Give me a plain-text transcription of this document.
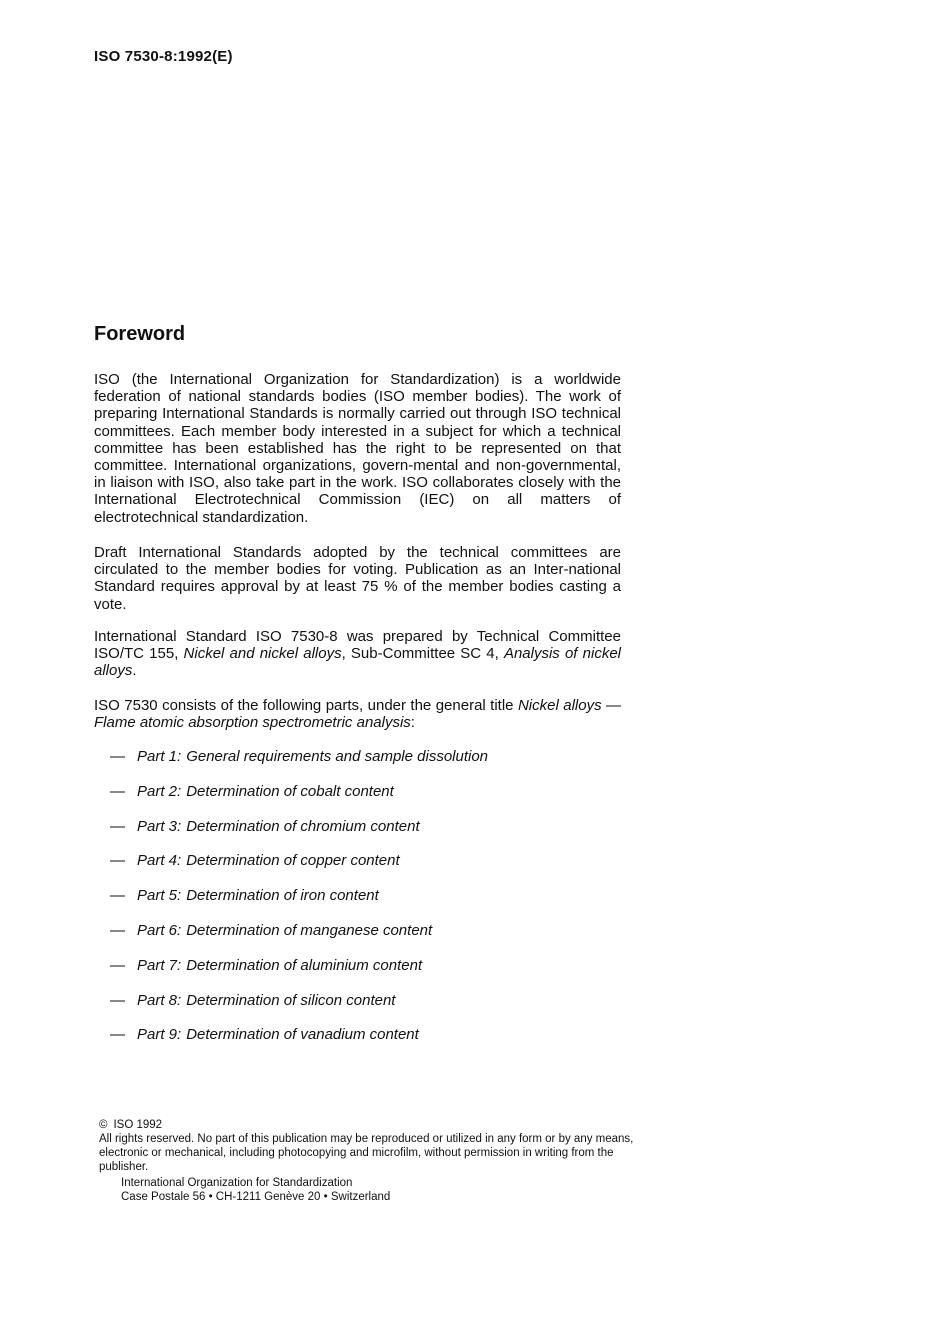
ISO 7530-8:1992(E)
Foreword

ISO (the International Organization for Standardization) is a worldwide federation of national standards bodies (ISO member bodies). The work of preparing International Standards is normally carried out through ISO technical committees. Each member body interested in a subject for which a technical committee has been established has the right to be represented on that committee. International organizations, govern-mental and non-governmental, in liaison with ISO, also take part in the work. ISO collaborates closely with the International Electrotechnical Commission (IEC) on all matters of electrotechnical standardization.

Draft International Standards adopted by the technical committees are circulated to the member bodies for voting. Publication as an Inter-national Standard requires approval by at least 75 % of the member bodies casting a vote.

International Standard ISO 7530-8 was prepared by Technical Committee ISO/TC 155, Nickel and nickel alloys, Sub-Committee SC 4, Analysis of nickel alloys.

ISO 7530 consists of the following parts, under the general title Nickel alloys — Flame atomic absorption spectrometric analysis:

— Part 1: General requirements and sample dissolution
— Part 2: Determination of cobalt content
— Part 3: Determination of chromium content
— Part 4: Determination of copper content
— Part 5: Determination of iron content
— Part 6: Determination of manganese content
— Part 7: Determination of aluminium content
— Part 8: Determination of silicon content
— Part 9: Determination of vanadium content
© ISO 1992
All rights reserved. No part of this publication may be reproduced or utilized in any form or by any means, electronic or mechanical, including photocopying and microfilm, without permission in writing from the publisher.
International Organization for Standardization
Case Postale 56 • CH-1211 Genève 20 • Switzerland
